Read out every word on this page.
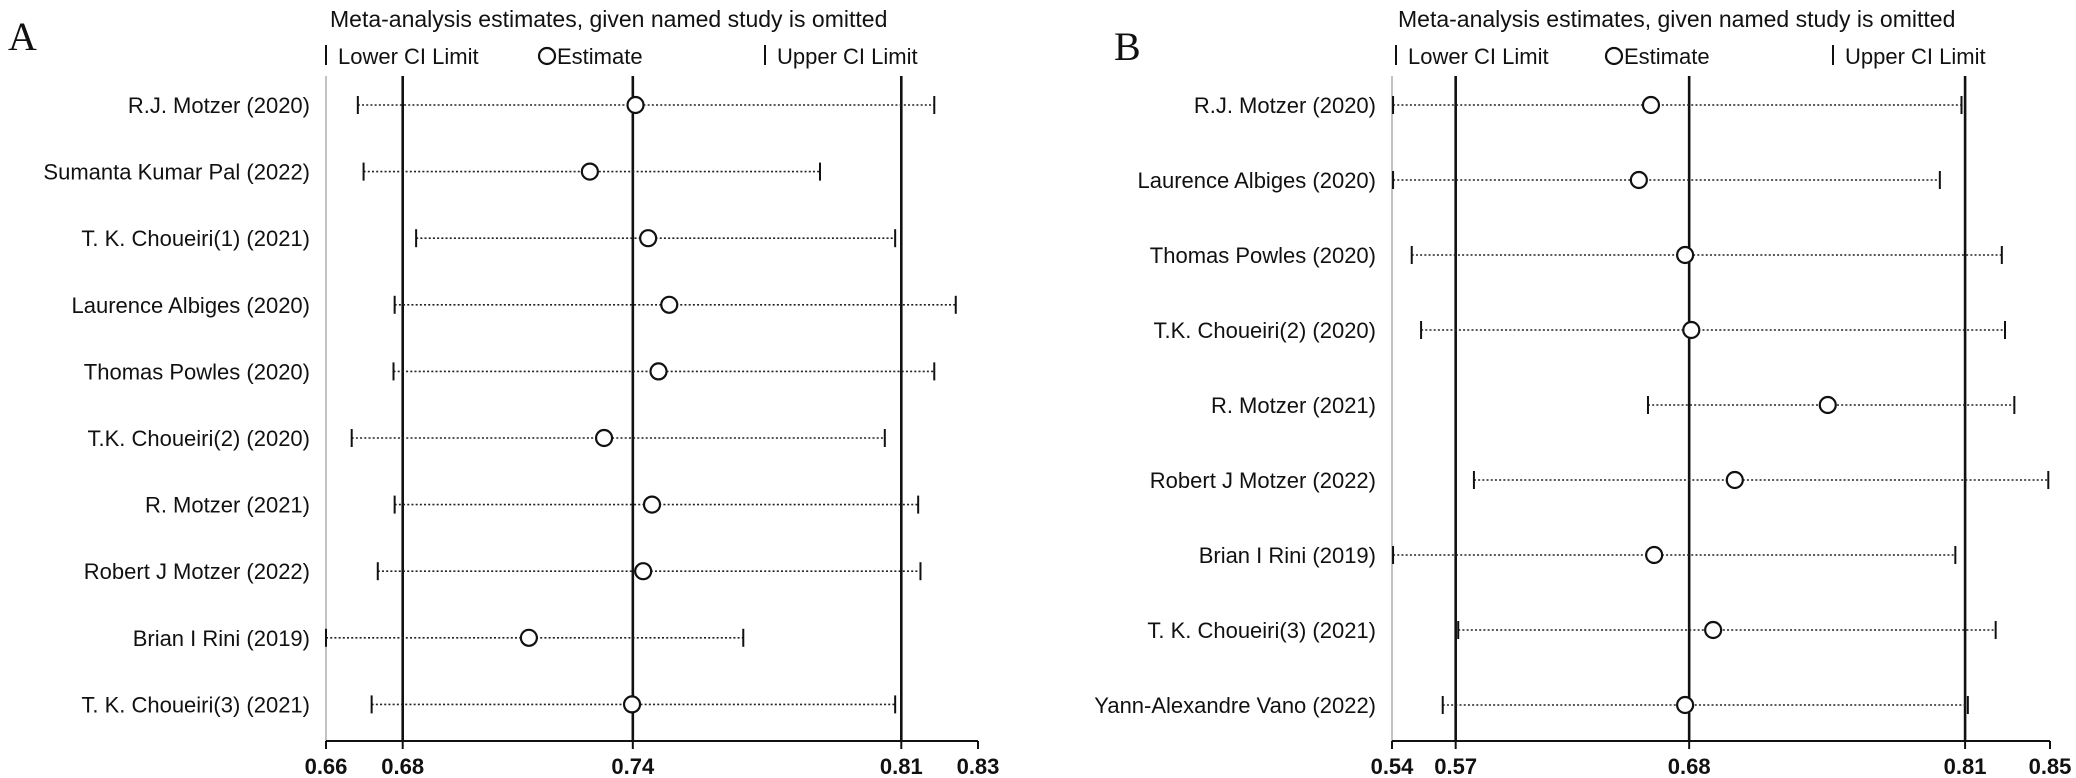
A	Meta-analysis estimates, given named study is omitted
Lower CI Limit	Estimate	Upper CI Limit
0.66 0.68	0.74	0.81 0.83
R.J. Motzer (2020)
Sumanta Kumar Pal (2022)
T. K. Choueiri(1) (2021)
Laurence Albiges (2020)
Thomas Powles (2020)
T.K. Choueiri(2) (2020)
R. Motzer (2021)
Robert J Motzer (2022)
Brian I Rini (2019)
T. K. Choueiri(3) (2021)
B
Meta-analysis estimates, given named study is omitted
Lower CI Limit	Estimate	Upper CI Limit
0.54 0.57	0.68	0.81 0.85
R.J. Motzer (2020)
Laurence Albiges (2020)
Thomas Powles (2020)
T.K. Choueiri(2) (2020)
R. Motzer (2021)
Robert J Motzer (2022)
Brian I Rini (2019)
T. K. Choueiri(3) (2021)
Yann-Alexandre Vano (2022)
